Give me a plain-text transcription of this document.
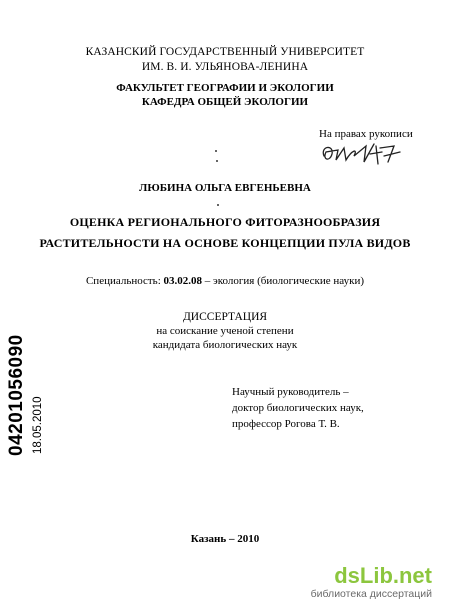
КАЗАНСКИЙ ГОСУДАРСТВЕННЫЙ УНИВЕРСИТЕТ
ИМ. В. И. УЛЬЯНОВА-ЛЕНИНА
ФАКУЛЬТЕТ ГЕОГРАФИИ И ЭКОЛОГИИ
КАФЕДРА ОБЩЕЙ ЭКОЛОГИИ
На правах рукописи
ЛЮБИНА ОЛЬГА ЕВГЕНЬЕВНА
ОЦЕНКА РЕГИОНАЛЬНОГО ФИТОРАЗНООБРАЗИЯ
РАСТИТЕЛЬНОСТИ НА ОСНОВЕ КОНЦЕПЦИИ ПУЛА ВИДОВ
Специальность: 03.02.08 – экология (биологические науки)
ДИССЕРТАЦИЯ
на соискание ученой степени
кандидата биологических наук
Научный руководитель –
доктор биологических наук,
профессор Рогова Т. В.
Казань – 2010
04201056090 18.05.2010
dsLib.net
библиотека диссертаций
